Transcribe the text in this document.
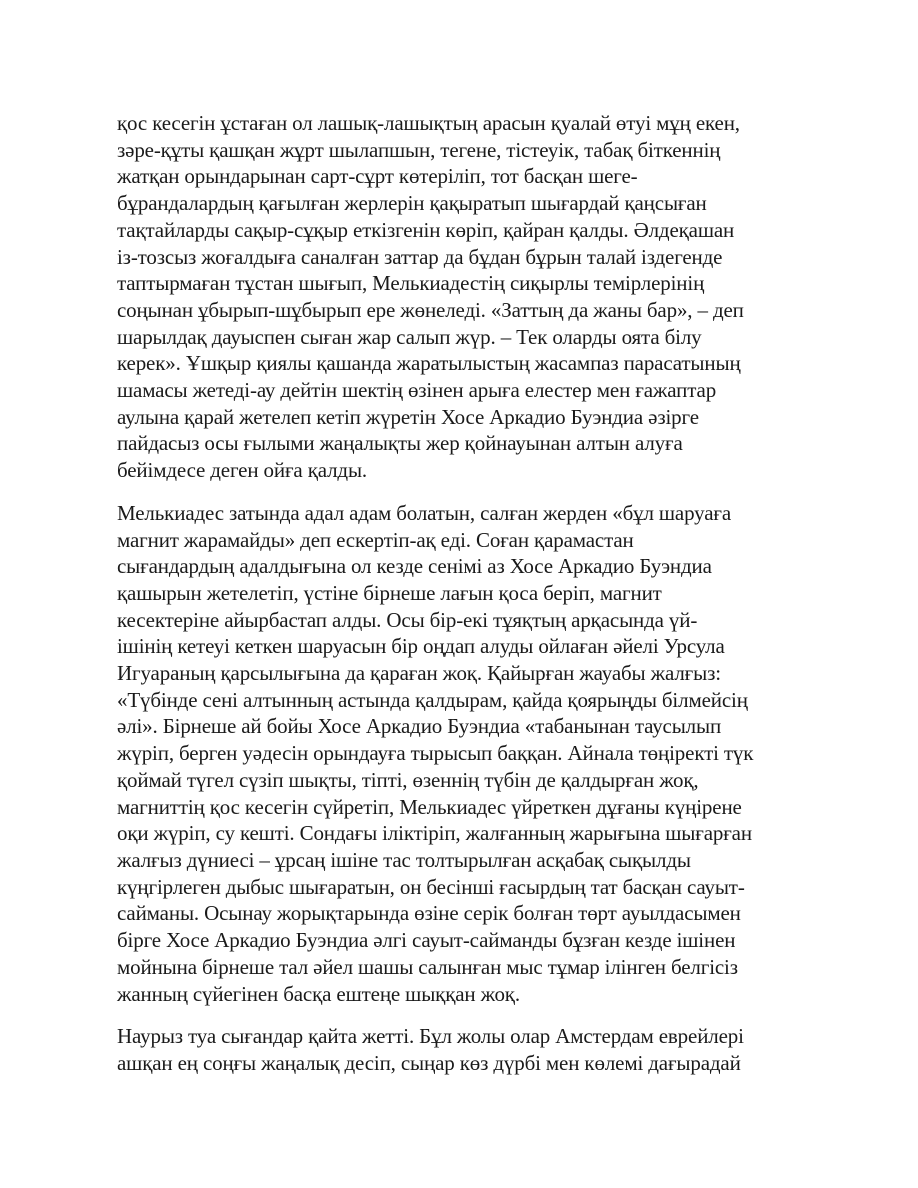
қос кесегін ұстаған ол лашық-лашықтың арасын қуалай өтуі мұң екен,
зәре-құты қашқан жұрт шылапшын, тегене, тістеуік, табақ біткеннің
жатқан орындарынан сарт-сұрт көтеріліп, тот басқан шеге-
бұрандалардың қағылған жерлерін қақыратып шығардай қаңсыған
тақтайларды сақыр-сұқыр еткізгенін көріп, қайран қалды. Әлдеқашан
із-тозсыз жоғалдыға саналған заттар да бұдан бұрын талай іздегенде
таптырмаған тұстан шығып, Мелькиадестің сиқырлы темірлерінің
соңынан ұбырып-шұбырып ере жөнеледі. «Заттың да жаны бар», – деп
шарылдақ дауыспен сыған жар салып жүр. – Тек оларды оята білу
керек». Ұшқыр қиялы қашанда жаратылыстың жасампаз парасатының
шамасы жетеді-ау дейтін шектің өзінен арыға елестер мен ғажаптар
аулына қарай жетелеп кетіп жүретін Хосе Аркадио Буэндиа әзірге
пайдасыз осы ғылыми жаңалықты жер қойнауынан алтын алуға
бейімдесе деген ойға қалды.

Мелькиадес затында адал адам болатын, салған жерден «бұл шаруаға
магнит жарамайды» деп ескертіп-ақ еді. Соған қарамастан
сығандардың адалдығына ол кезде сенімі аз Хосе Аркадио Буэндиа
қашырын жетелетіп, үстіне бірнеше лағын қоса беріп, магнит
кесектеріне айырбастап алды. Осы бір-екі тұяқтың арқасында үй-
ішінің кетеуі кеткен шаруасын бір оңдап алуды ойлаған әйелі Урсула
Игуараның қарсылығына да қараған жоқ. Қайырған жауабы жалғыз:
«Түбінде сені алтынның астында қалдырам, қайда қоярыңды білмейсің
әлі». Бірнеше ай бойы Хосе Аркадио Буэндиа «табанынан таусылып
жүріп, берген уәдесін орындауға тырысып баққан. Айнала төңіректі түк
қоймай түгел сүзіп шықты, тіпті, өзеннің түбін де қалдырған жоқ,
магниттің қос кесегін сүйретіп, Мелькиадес үйреткен дұғаны күңірене
оқи жүріп, су кешті. Сондағы іліктіріп, жалғанның жарығына шығарған
жалғыз дүниесі – ұрсаң ішіне тас толтырылған асқабақ сықылды
күңгірлеген дыбыс шығаратын, он бесінші ғасырдың тат басқан сауыт-
сайманы. Осынау жорықтарында өзіне серік болған төрт ауылдасымен
бірге Хосе Аркадио Буэндиа әлгі сауыт-сайманды бұзған кезде ішінен
мойнына бірнеше тал әйел шашы салынған мыс тұмар ілінген белгісіз
жанның сүйегінен басқа ештеңе шыққан жоқ.

Наурыз туа сығандар қайта жетті. Бұл жолы олар Амстердам еврейлері
ашқан ең соңғы жаңалық десіп, сыңар көз дүрбі мен көлемі дағырадай
